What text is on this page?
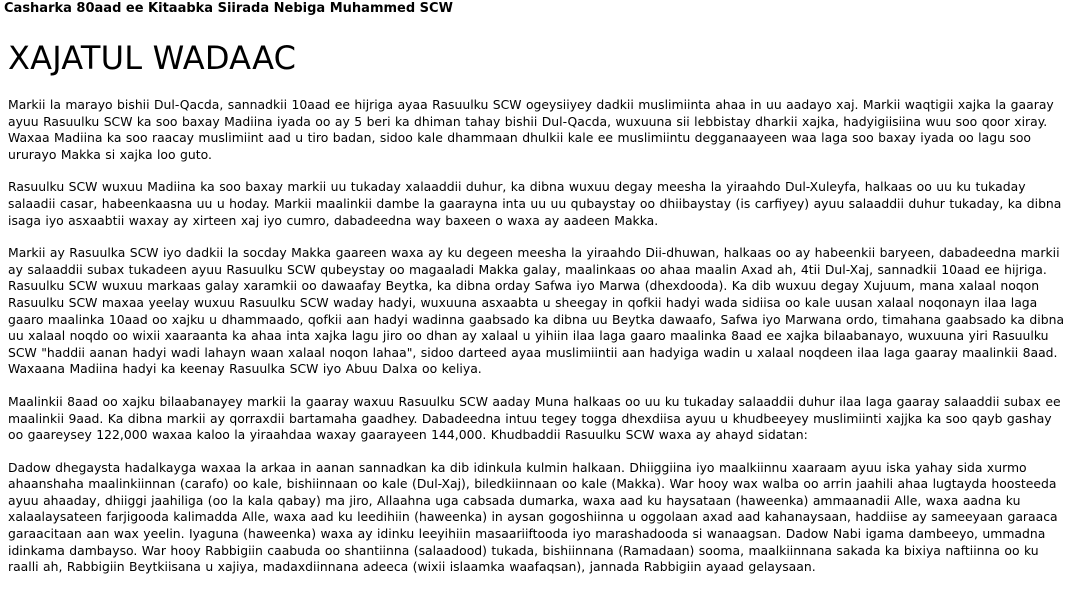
Casharka 80aad ee Kitaabka Siirada Nebiga Muhammed SCW
XAJATUL WADAAC

Markii la marayo bishii Dul-Qacda, sannadkii 10aad ee hijriga ayaa Rasuulku SCW ogeysiiyey dadkii muslimiinta ahaa in uu aadayo xaj. Markii waqtigii xajka la gaaray ayuu Rasuulku SCW ka soo baxay Madiina iyada oo ay 5 beri ka dhiman tahay bishii Dul-Qacda, wuxuuna sii lebbistay dharkii xajka, hadyigiisiina wuu soo qoor xiray. Waxaa Madiina ka soo raacay muslimiint aad u tiro badan, sidoo kale dhammaan dhulkii kale ee muslimiintu degganaayeen waa laga soo baxay iyada oo lagu soo ururayo Makka si xajka loo guto.

Rasuulku SCW wuxuu Madiina ka soo baxay markii uu tukaday xalaaddii duhur, ka dibna wuxuu degay meesha la yiraahdo Dul-Xuleyfa, halkaas oo uu ku tukaday salaadii casar, habeenkaasna uu u hoday. Markii maalinkii dambe la gaarayna inta uu uu qubaystay oo dhiibaystay (is carfiyey) ayuu salaaddii duhur tukaday, ka dibna isaga iyo asxaabtii waxay ay xirteen xaj iyo cumro, dabadeedna way baxeen o waxa ay aadeen Makka.

Markii ay Rasuulka SCW iyo dadkii la socday Makka gaareen waxa ay ku degeen meesha la yiraahdo Dii-dhuwan, halkaas oo ay habeenkii baryeen, dabadeedna markii ay salaaddii subax tukadeen ayuu Rasuulku SCW qubeystay oo magaaladi Makka galay, maalinkaas oo ahaa maalin Axad ah, 4tii Dul-Xaj, sannadkii 10aad ee hijriga. Rasuulku SCW wuxuu markaas galay xaramkii oo dawaafay Beytka, ka dibna orday Safwa iyo Marwa (dhexdooda). Ka dib wuxuu degay Xujuum, mana xalaal noqon Rasuulku SCW maxaa yeelay wuxuu Rasuulku SCW waday hadyi, wuxuuna asxaabta u sheegay in qofkii hadyi wada sidiisa oo kale uusan xalaal noqonayn ilaa laga gaaro maalinka 10aad oo xajku u dhammaado, qofkii aan hadyi wadinna gaabsado ka dibna uu Beytka dawaafo, Safwa iyo Marwana ordo, timahana gaabsado ka dibna uu xalaal noqdo oo wixii xaaraanta ka ahaa inta xajka lagu jiro oo dhan ay xalaal u yihiin ilaa laga gaaro maalinka 8aad ee xajka bilaabanayo, wuxuuna yiri Rasuulku SCW "haddii aanan hadyi wadi lahayn waan xalaal noqon lahaa", sidoo darteed ayaa muslimiintii aan hadyiga wadin u xalaal noqdeen ilaa laga gaaray maalinkii 8aad. Waxaana Madiina hadyi ka keenay Rasuulka SCW iyo Abuu Dalxa oo keliya.

Maalinkii 8aad oo xajku bilaabanayey markii la gaaray waxuu Rasuulku SCW aaday Muna halkaas oo uu ku tukaday salaaddii duhur ilaa laga gaaray salaaddii subax ee maalinkii 9aad. Ka dibna markii ay qorraxdii bartamaha gaadhey. Dabadeedna intuu tegey togga dhexdiisa ayuu u khudbeeyey muslimiinti xajjka ka soo qayb gashay oo gaareysey 122,000 waxaa kaloo la yiraahdaa waxay gaarayeen 144,000. Khudbaddii Rasuulku SCW waxa ay ahayd sidatan:

Dadow dhegaysta hadalkayga waxaa la arkaa in aanan sannadkan ka dib idinkula kulmin halkaan. Dhiiggiina iyo maalkiinnu xaaraam ayuu iska yahay sida xurmo ahaanshaha maalinkiinnan (carafo) oo kale, bishiinnaan oo kale (Dul-Xaj), biledkiinnaan oo kale (Makka). War hooy wax walba oo arrin jaahili ahaa lugtayda hoosteeda ayuu ahaaday, dhiiggi jaahiliga (oo la kala qabay) ma jiro, Allaahna uga cabsada dumarka, waxa aad ku haysataan (haweenka) ammaanadii Alle, waxa aadna ku xalaalaysateen farjigooda kalimadda Alle, waxa aad ku leedihiin (haweenka) in aysan gogoshiinna u oggolaan axad aad kahanaysaan, haddiise ay sameeyaan garaaca garaacitaan aan wax yeelin. Iyaguna (haweenka) waxa ay idinku leeyihiin masaariiftooda iyo marashadooda si wanaagsan. Dadow Nabi igama dambeeyo, ummadna idinkama dambayso. War hooy Rabbigiin caabuda oo shantiinna (salaadood) tukada, bishiinnana (Ramadaan) sooma, maalkiinnana sakada ka bixiya naftiinna oo ku raalli ah, Rabbigiin Beytkiisana u xajiya, madaxdiinnana adeeca (wixii islaamka waafaqsan), jannada Rabbigiin ayaad gelaysaan.
